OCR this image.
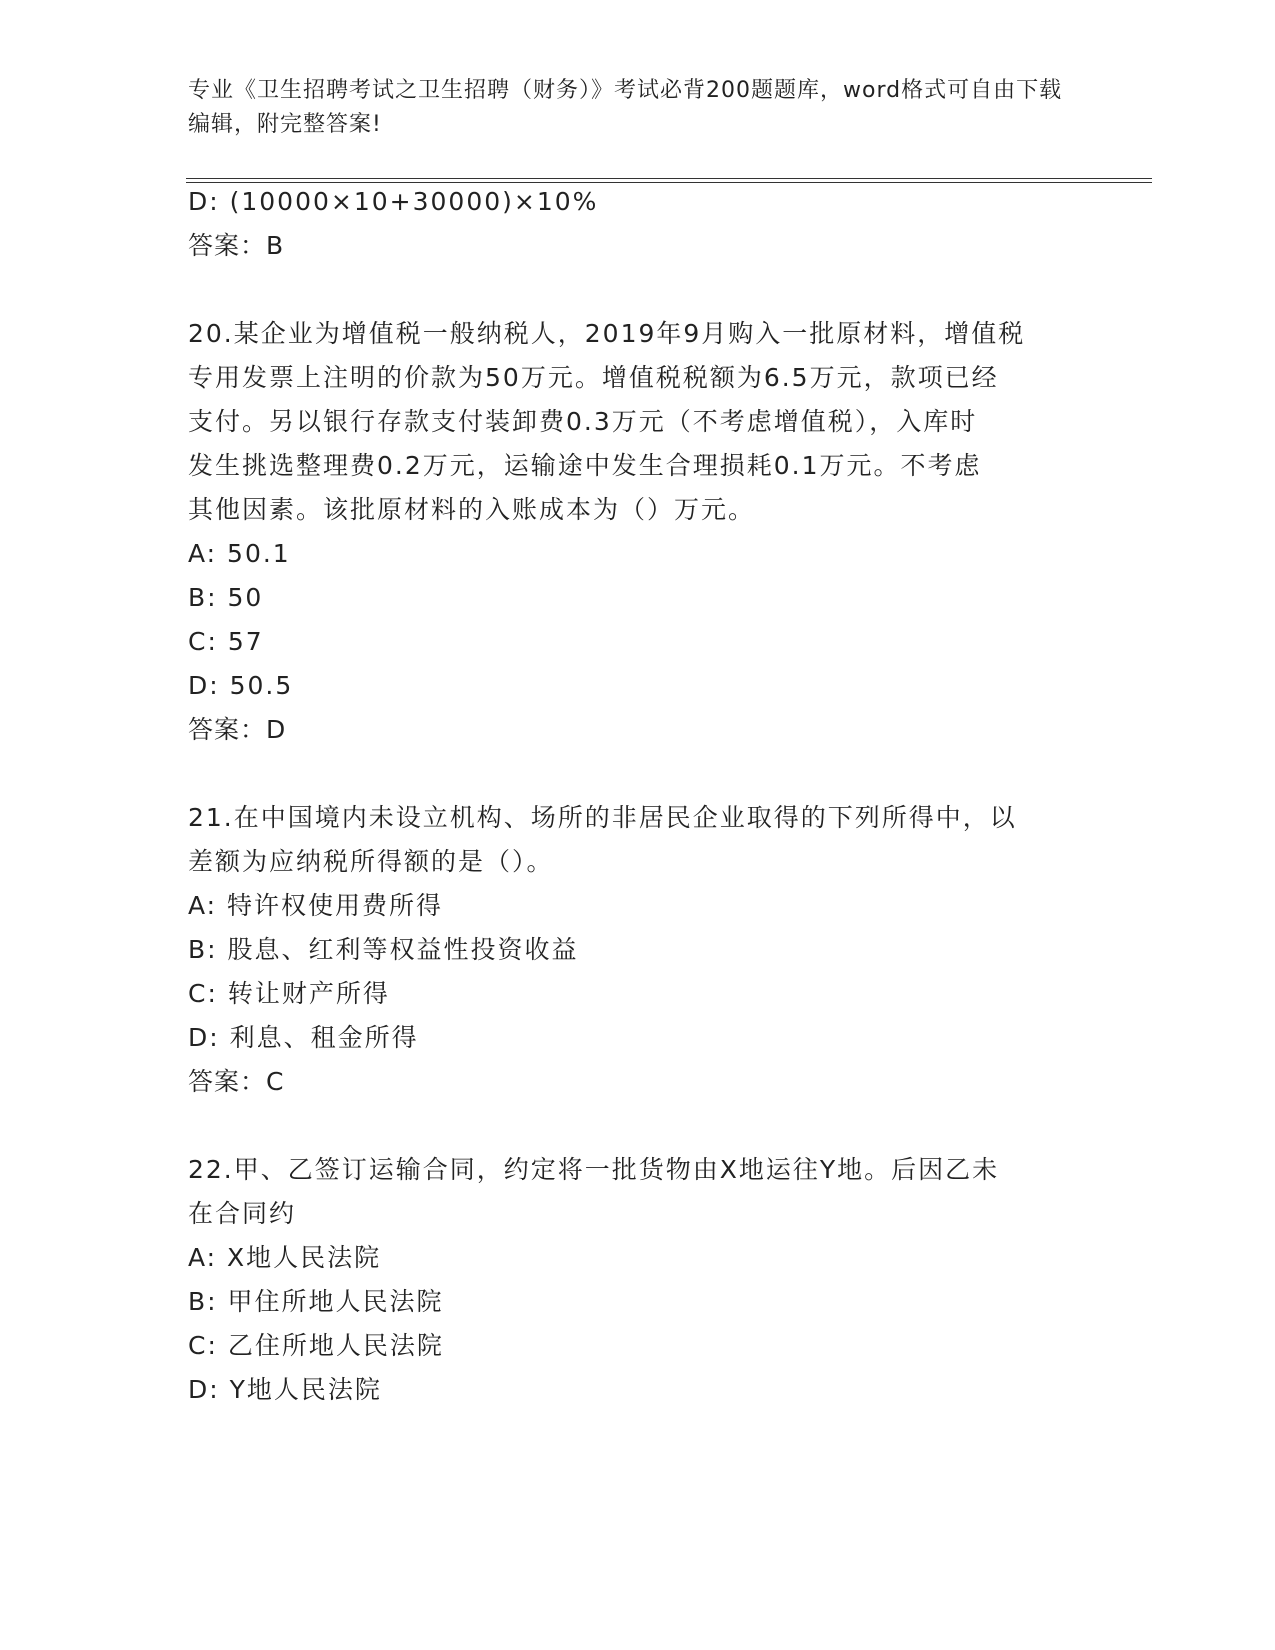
专业《卫生招聘考试之卫生招聘（财务）》考试必背200题题库，word格式可自由下载编辑，附完整答案!
D: (10000×10+30000)×10%
答案：B
20.某企业为增值税一般纳税人，2019年9月购入一批原材料，增值税
专用发票上注明的价款为50万元。增值税税额为6.5万元，款项已经
支付。另以银行存款支付装卸费0.3万元（不考虑增值税），入库时
发生挑选整理费0.2万元，运输途中发生合理损耗0.1万元。不考虑
其他因素。该批原材料的入账成本为（）万元。
A: 50.1
B: 50
C: 57
D: 50.5
答案：D
21.在中国境内未设立机构、场所的非居民企业取得的下列所得中，以
差额为应纳税所得额的是（）。
A: 特许权使用费所得
B: 股息、红利等权益性投资收益
C: 转让财产所得
D: 利息、租金所得
答案：C
22.甲、乙签订运输合同，约定将一批货物由X地运往Y地。后因乙未
在合同约
A: X地人民法院
B: 甲住所地人民法院
C: 乙住所地人民法院
D: Y地人民法院
